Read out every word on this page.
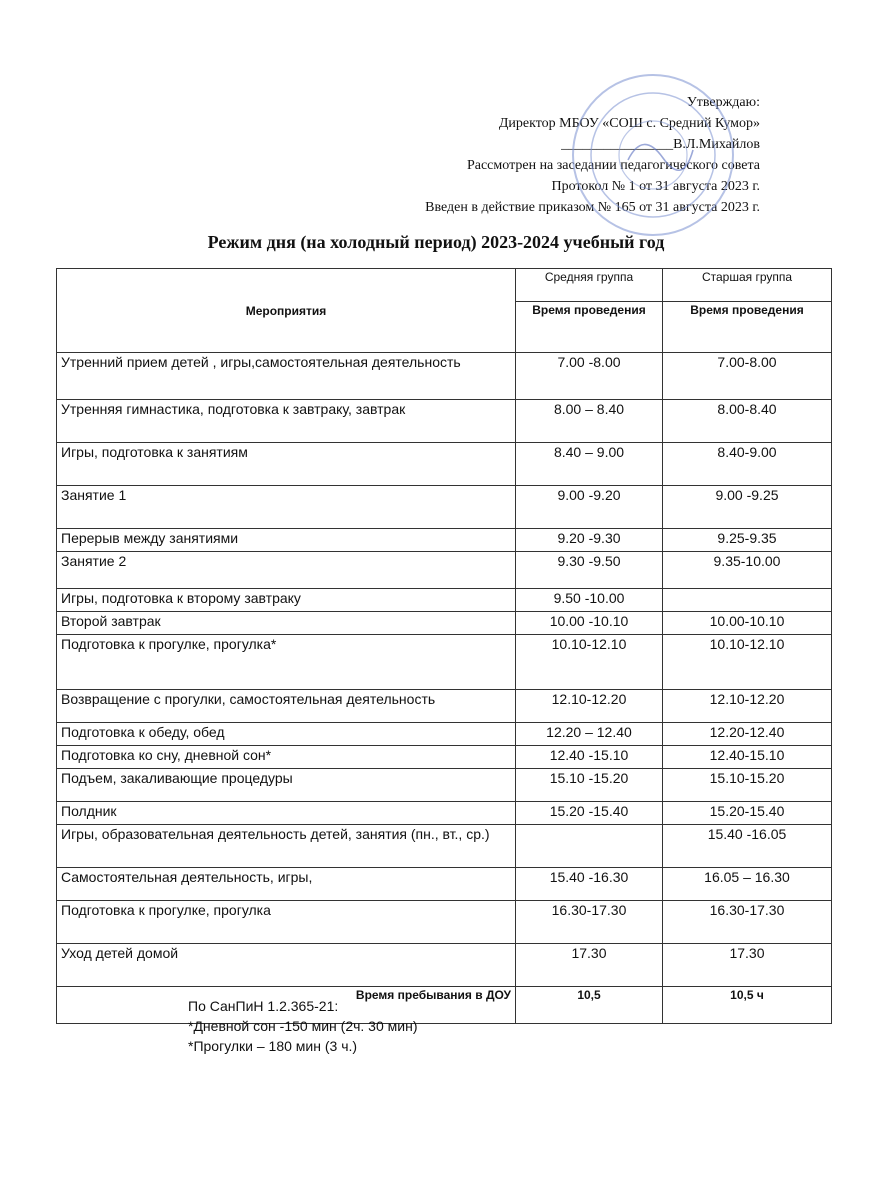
Утверждаю:
Директор МБОУ «СОШ с. Средний Кумор»
________________В.Л.Михайлов
Рассмотрен на заседании педагогического совета
Протокол № 1 от 31 августа 2023 г.
Введен в действие приказом № 165 от 31 августа 2023 г.
Режим дня (на холодный период) 2023-2024 учебный год
Мероприятия	Средняя группа	Старшая группа
	Время проведения	Время проведения
Утренний прием детей , игры,самостоятельная деятельность	7.00 -8.00	7.00-8.00
Утренняя гимнастика, подготовка к завтраку, завтрак	8.00 – 8.40	8.00-8.40
Игры, подготовка к занятиям	8.40 – 9.00	8.40-9.00
Занятие 1	9.00 -9.20	9.00 -9.25
Перерыв между занятиями	9.20 -9.30	9.25-9.35
Занятие 2	9.30 -9.50	9.35-10.00
Игры, подготовка к второму завтраку	9.50 -10.00	
Второй завтрак	10.00 -10.10	10.00-10.10
Подготовка к прогулке, прогулка*	10.10-12.10	10.10-12.10
Возвращение с прогулки, самостоятельная деятельность	12.10-12.20	12.10-12.20
Подготовка к обеду, обед	12.20 – 12.40	12.20-12.40
Подготовка ко сну, дневной сон*	12.40 -15.10	12.40-15.10
Подъем, закаливающие процедуры	15.10 -15.20	15.10-15.20
Полдник	15.20 -15.40	15.20-15.40
Игры, образовательная деятельность детей, занятия (пн., вт., ср.)		15.40 -16.05
Самостоятельная деятельность, игры,	15.40 -16.30	16.05 – 16.30
Подготовка к прогулке, прогулка	16.30-17.30	16.30-17.30
Уход детей домой	17.30	17.30
Время пребывания в ДОУ	10,5	10,5 ч
По СанПиН 1.2.365-21:
*Дневной сон -150 мин (2ч. 30 мин)
*Прогулки – 180 мин (3 ч.)
